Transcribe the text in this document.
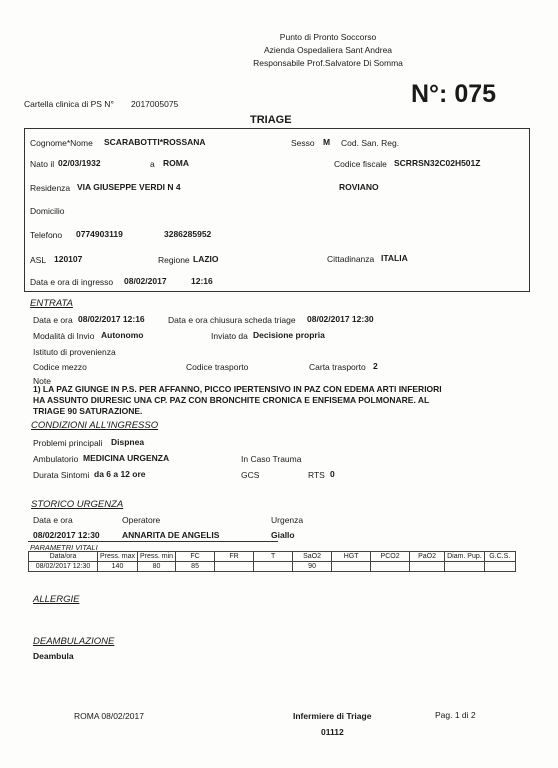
Punto di Pronto Soccorso
Azienda Ospedaliera Sant Andrea
Responsabile Prof.Salvatore Di Somma
Cartella clinica di PS N° 2017005075	N°: 075
TRIAGE
Cognome*Nome SCARABOTTI*ROSSANA	Sesso M Cod. San. Reg.
Nato il 02/03/1932	a ROMA	Codice fiscale SCRRSN32C02H501Z
Residenza VIA GIUSEPPE VERDI N 4	ROVIANO
Domicilio
Telefono 0774903119	3286285952
ASL 120107	Regione LAZIO	Cittadinanza ITALIA
Data e ora di ingresso 08/02/2017	12:16
ENTRATA
Data e ora 08/02/2017 12:16	Data e ora chiusura scheda triage 08/02/2017 12:30
Modalità di Invio Autonomo	Inviato da Decisione propria
Istituto di provenienza
Codice mezzo	Codice trasporto	Carta trasporto 2
Note
1) LA PAZ GIUNGE IN P.S. PER AFFANNO, PICCO IPERTENSIVO IN PAZ CON EDEMA ARTI INFERIORI HA ASSUNTO DIURESIC UNA CP. PAZ CON BRONCHITE CRONICA E ENFISEMA POLMONARE. AL TRIAGE 90 SATURAZIONE.
CONDIZIONI ALL'INGRESSO
Problemi principali Dispnea
Ambulatorio MEDICINA URGENZA	In Caso Trauma
Durata Sintomi da 6 a 12 ore	GCS	RTS 0
STORICO URGENZA
Data e ora	Operatore	Urgenza
08/02/2017 12:30	ANNARITA DE ANGELIS	Giallo
PARAMETRI VITALI
Data/ora	Press. max	Press. min	FC	FR	T	SaO2	HGT	PCO2	PaO2	Diam. Pup.	G.C.S.
08/02/2017 12:30	140	80	85			90					
ALLERGIE
DEAMBULAZIONE
Deambula
ROMA 08/02/2017	Infermiere di Triage
01112
Pag. 1 di 2
